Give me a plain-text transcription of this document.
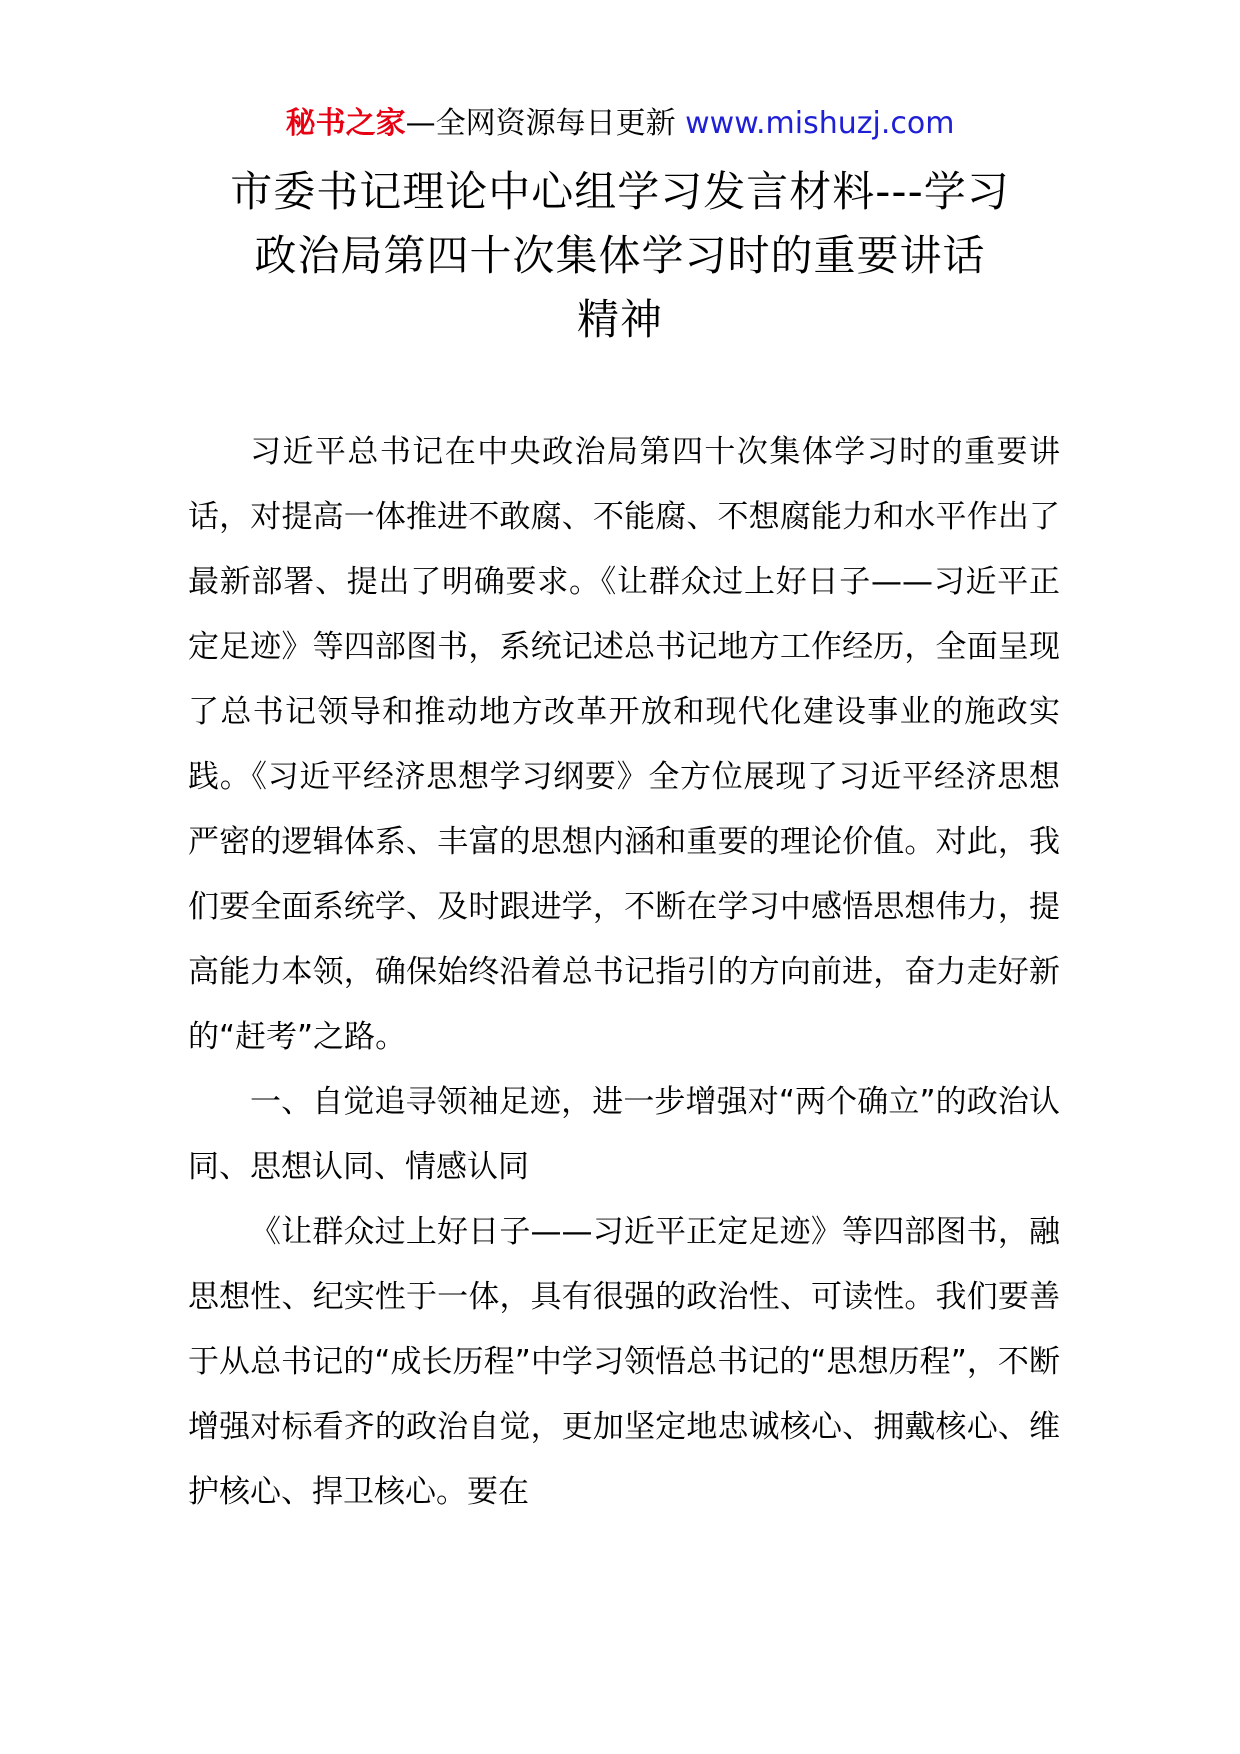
秘书之家—全网资源每日更新 www.mishuzj.com
市委书记理论中心组学习发言材料---学习
政治局第四十次集体学习时的重要讲话
精神

习近平总书记在中央政治局第四十次集体学习时的重要讲话，对提高一体推进不敢腐、不能腐、不想腐能力和水平作出了最新部署、提出了明确要求。《让群众过上好日子——习近平正定足迹》等四部图书，系统记述总书记地方工作经历，全面呈现了总书记领导和推动地方改革开放和现代化建设事业的施政实践。《习近平经济思想学习纲要》全方位展现了习近平经济思想严密的逻辑体系、丰富的思想内涵和重要的理论价值。对此，我们要全面系统学、及时跟进学，不断在学习中感悟思想伟力，提高能力本领，确保始终沿着总书记指引的方向前进，奋力走好新的“赶考”之路。

一、自觉追寻领袖足迹，进一步增强对“两个确立”的政治认同、思想认同、情感认同

《让群众过上好日子——习近平正定足迹》等四部图书，融思想性、纪实性于一体，具有很强的政治性、可读性。我们要善于从总书记的“成长历程”中学习领悟总书记的“思想历程”，不断增强对标看齐的政治自觉，更加坚定地忠诚核心、拥戴核心、维护核心、捍卫核心。要在
